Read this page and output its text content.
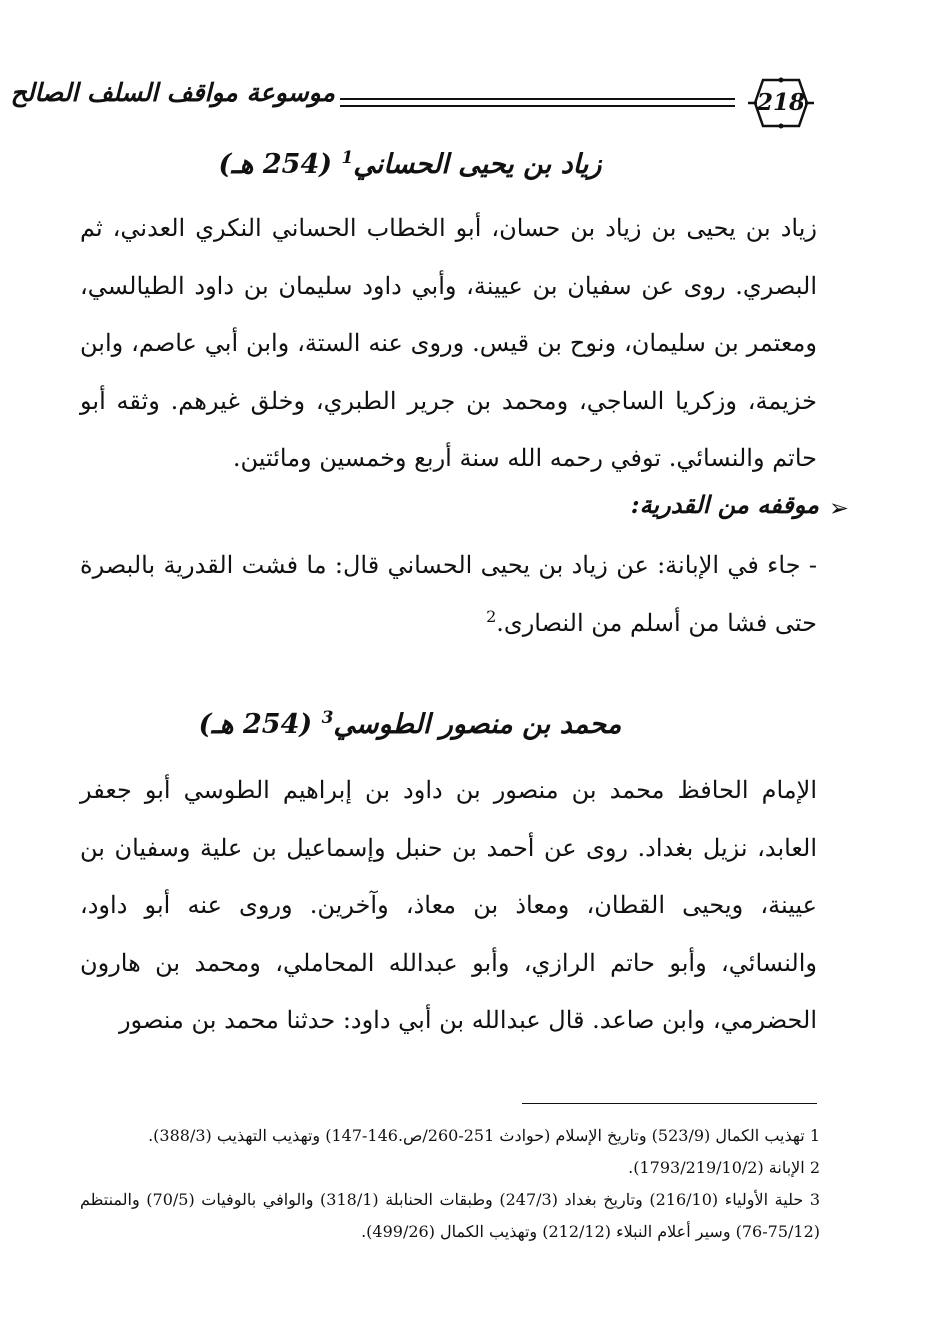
موسوعة مواقف السلف الصالح	218
زياد بن يحيى الحساني$^1$ (254 هـ)
زياد بن يحيى بن زياد بن حسان، أبو الخطاب الحساني النكري العدني، ثم البصري. روى عن سفيان بن عيينة، وأبي داود سليمان بن داود الطيالسي، ومعتمر بن سليمان، ونوح بن قيس. وروى عنه الستة، وابن أبي عاصم، وابن خزيمة، وزكريا الساجي، ومحمد بن جرير الطبري، وخلق غيرهم. وثقه أبو حاتم والنسائي. توفي رحمه الله سنة أربع وخمسين ومائتين.
➢
موقفه من القدرية:
- جاء في الإبانة: عن زياد بن يحيى الحساني قال: ما فشت القدرية بالبصرة حتى فشا من أسلم من النصارى.$^2$
محمد بن منصور الطوسي$^3$ (254 هـ)
الإمام الحافظ محمد بن منصور بن داود بن إبراهيم الطوسي أبو جعفر العابد، نزيل بغداد. روى عن أحمد بن حنبل وإسماعيل بن علية وسفيان بن عيينة، ويحيى القطان، ومعاذ بن معاذ، وآخرين. وروى عنه أبو داود، والنسائي، وأبو حاتم الرازي، وأبو عبدالله المحاملي، ومحمد بن هارون الحضرمي، وابن صاعد. قال عبدالله بن أبي داود: حدثنا محمد بن منصور
1 تهذيب الكمال (523/9) وتاريخ الإسلام (حوادث 251-260/ص.146-147) وتهذيب التهذيب (388/3).
2 الإبانة (1793/219/10/2).
3 حلية الأولياء (216/10) وتاريخ بغداد (247/3) وطبقات الحنابلة (318/1) والوافي بالوفيات (70/5) والمنتظم (75/12-76) وسير أعلام النبلاء (212/12) وتهذيب الكمال (499/26).
